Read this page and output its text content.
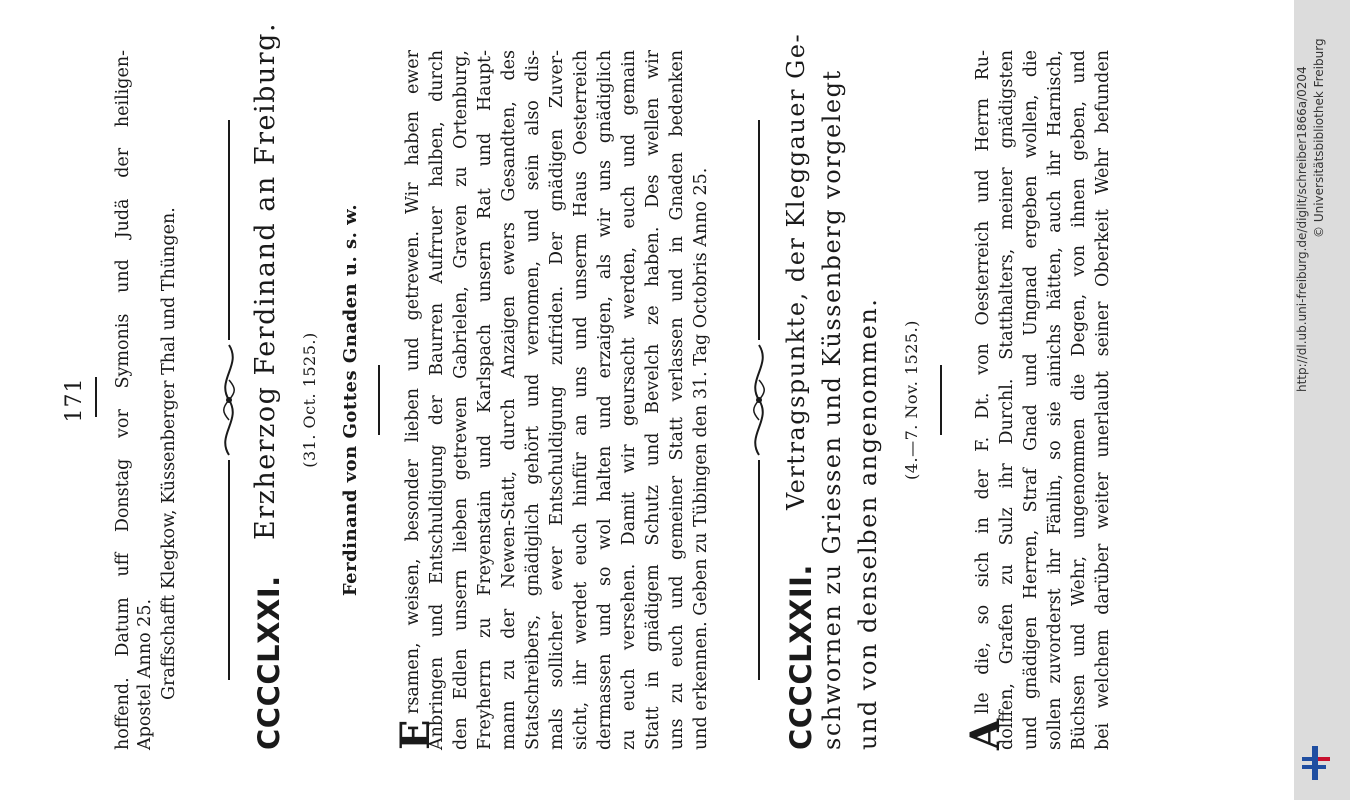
171 hoffend. Datum uff Donstag vor Symonis und Judä der heiligen- Apostel Anno 25. Graffschafft Klegkow, Küssenberger Thal und Thüngen.	CCCCLXXI.
Erzherzog Ferdinand an Freiburg. (31. Oct. 1525.) Ferdinand von Gottes Gnaden u. s. w.
E
rsamen, weisen, besonder lieben und getrewen. Wir haben ewer Anbringen und Entschuldigung der Baurren Aufrruer halben, durch den Edlen unsern lieben getrewen Gabrielen, Graven zu Ortenburg, Freyherrn zu Freyenstain und Karlspach unsern Rat und Haupt- mann zu der Newen-Statt, durch Anzaigen ewers Gesandten, des Statschreibers, gnädiglich gehört und vernomen, und sein also dis- mals sollicher ewer Entschuldigung zufriden. Der gnädigen Zuver- sicht, ihr werdet euch hinfür an uns und unserm Haus Oesterreich dermassen und so wol halten und erzaigen, als wir uns gnädiglich zu euch versehen. Damit wir geursacht werden, euch und gemain Statt in gnädigem Schutz und Bevelch ze haben. Des wellen wir uns zu euch und gemeiner Statt verlassen und in Gnaden bedenken und erkennen. Geben zu Tübingen den 31. Tag Octobris Anno 25.	CCCCLXXII.
Vertragspunkte, der Kleggauer Ge- schwornen zu Griessen und Küssenberg vorgelegt und von denselben angenommen. (4.—7. Nov. 1525.)
A
lle die, so sich in der F. Dt. von Oesterreich und Herrn Ru- dolffen, Grafen zu Sulz ihr Durchl. Statthalters, meiner gnädigsten und gnädigen Herren, Straf Gnad und Ungnad ergeben wollen, die sollen zuvorderst ihr Fänlin, so sie ainichs hätten, auch ihr Harnisch, Büchsen und Wehr, ungenommen die Degen, von ihnen geben, und bei welchem darüber weiter unerlaubt seiner Oberkeit Wehr befunden	http://dl.ub.uni-freiburg.de/diglit/schreiber1866a/0204 © Universitätsbibliothek Freiburg
